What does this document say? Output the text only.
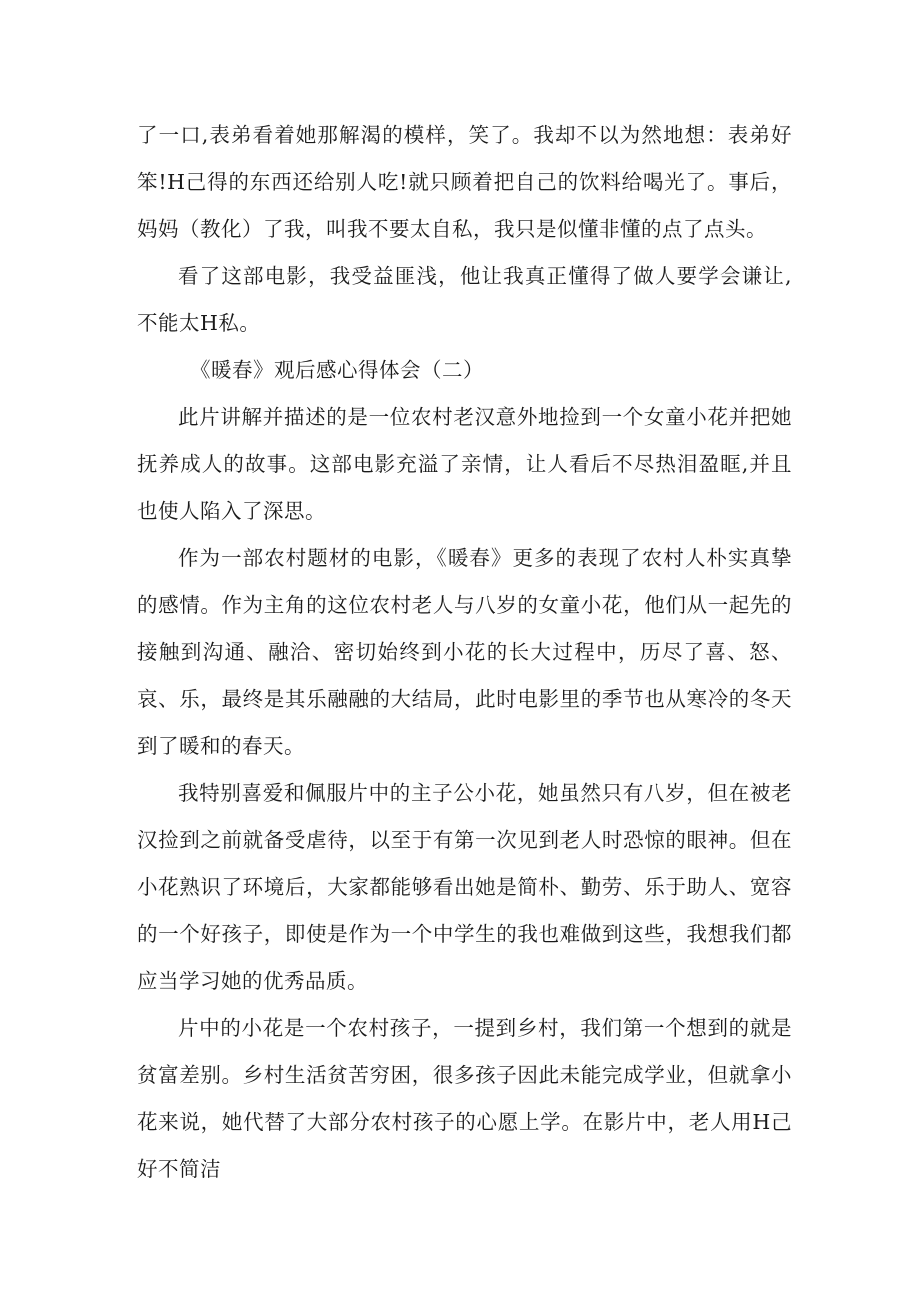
了一口,表弟看着她那解渴的模样，笑了。我却不以为然地想：表弟好笨!H己得的东西还给别人吃!就只顾着把自己的饮料给喝光了。事后，妈妈（教化）了我，叫我不要太自私，我只是似懂非懂的点了点头。

看了这部电影，我受益匪浅，他让我真正懂得了做人要学会谦让,不能太H私。

《暖春》观后感心得体会（二）

此片讲解并描述的是一位农村老汉意外地捡到一个女童小花并把她抚养成人的故事。这部电影充溢了亲情，让人看后不尽热泪盈眶,并且也使人陷入了深思。

作为一部农村题材的电影，《暖春》更多的表现了农村人朴实真挚的感情。作为主角的这位农村老人与八岁的女童小花，他们从一起先的接触到沟通、融洽、密切始终到小花的长大过程中，历尽了喜、怒、哀、乐，最终是其乐融融的大结局，此时电影里的季节也从寒冷的冬天到了暖和的春天。

我特别喜爱和佩服片中的主子公小花，她虽然只有八岁，但在被老汉捡到之前就备受虐待，以至于有第一次见到老人时恐惊的眼神。但在小花熟识了环境后，大家都能够看出她是简朴、勤劳、乐于助人、宽容的一个好孩子，即使是作为一个中学生的我也难做到这些，我想我们都应当学习她的优秀品质。

片中的小花是一个农村孩子，一提到乡村，我们第一个想到的就是贫富差别。乡村生活贫苦穷困，很多孩子因此未能完成学业，但就拿小花来说，她代替了大部分农村孩子的心愿上学。在影片中，老人用H己好不简洁
